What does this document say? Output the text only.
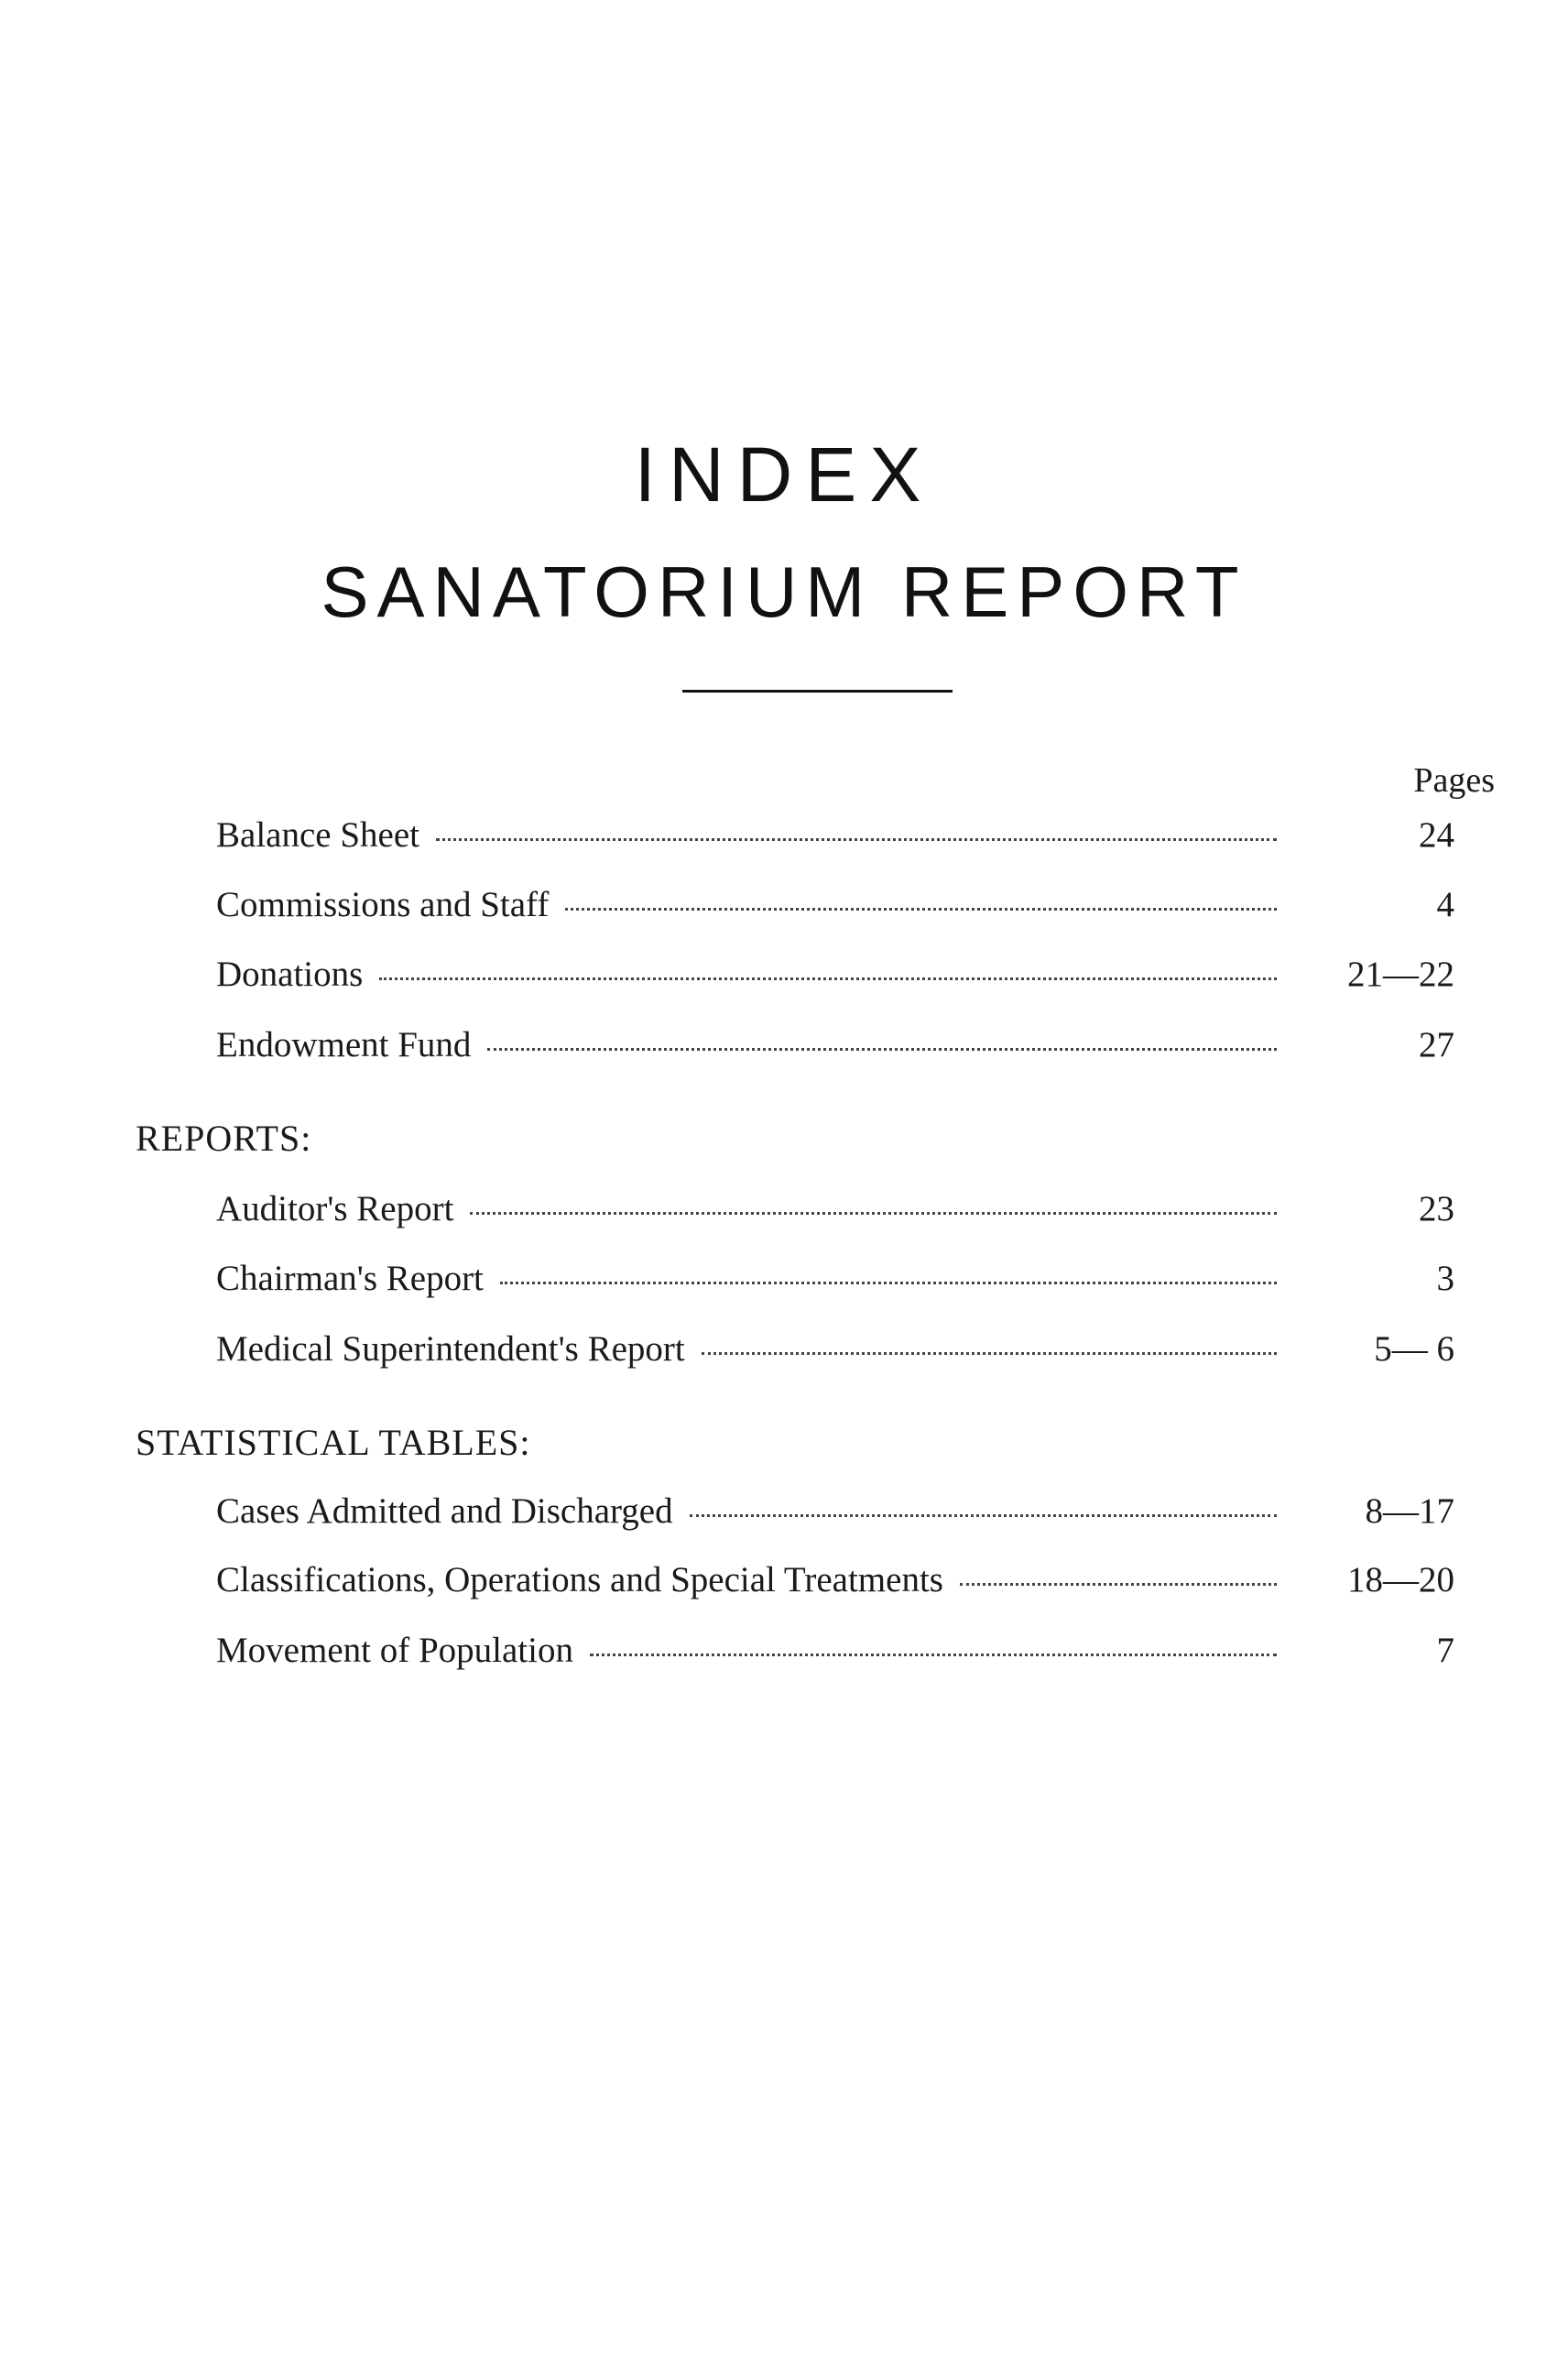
INDEX
SANATORIUM REPORT
Pages
Balance Sheet	24
Commissions and Staff	4
Donations	21—22
Endowment Fund	27
REPORTS:
Auditor's Report	23
Chairman's Report	3
Medical Superintendent's Report	5— 6
STATISTICAL TABLES:
Cases Admitted and Discharged	8—17
Classifications, Operations and Special Treatments	18—20
Movement of Population	7
